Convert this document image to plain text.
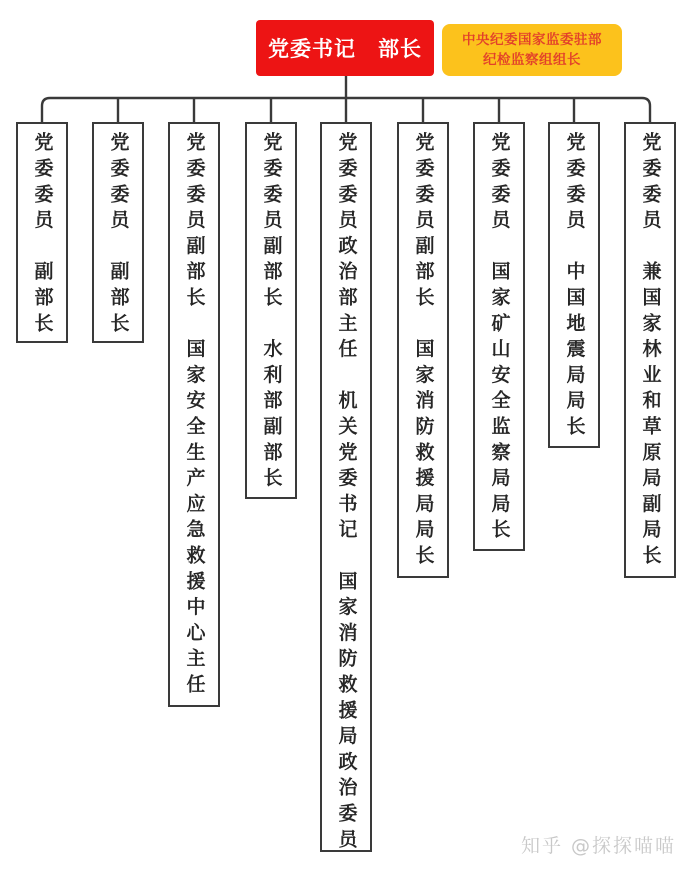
党委书记　部长	中央纪委国家监委驻部
纪检监察组组长
党委委员　副部长	党委委员　副部长	党委委员副部长　国家安全生产应急救援中心主任	党委委员副部长　水利部副部长	党委委员政治部主任　机关党委书记　国家消防救援局政治委员	党委委员副部长　国家消防救援局局长	党委委员　国家矿山安全监察局局长	党委委员　中国地震局局长	党委委员　兼国家林业和草原局副局长
知乎 @探探喵喵
